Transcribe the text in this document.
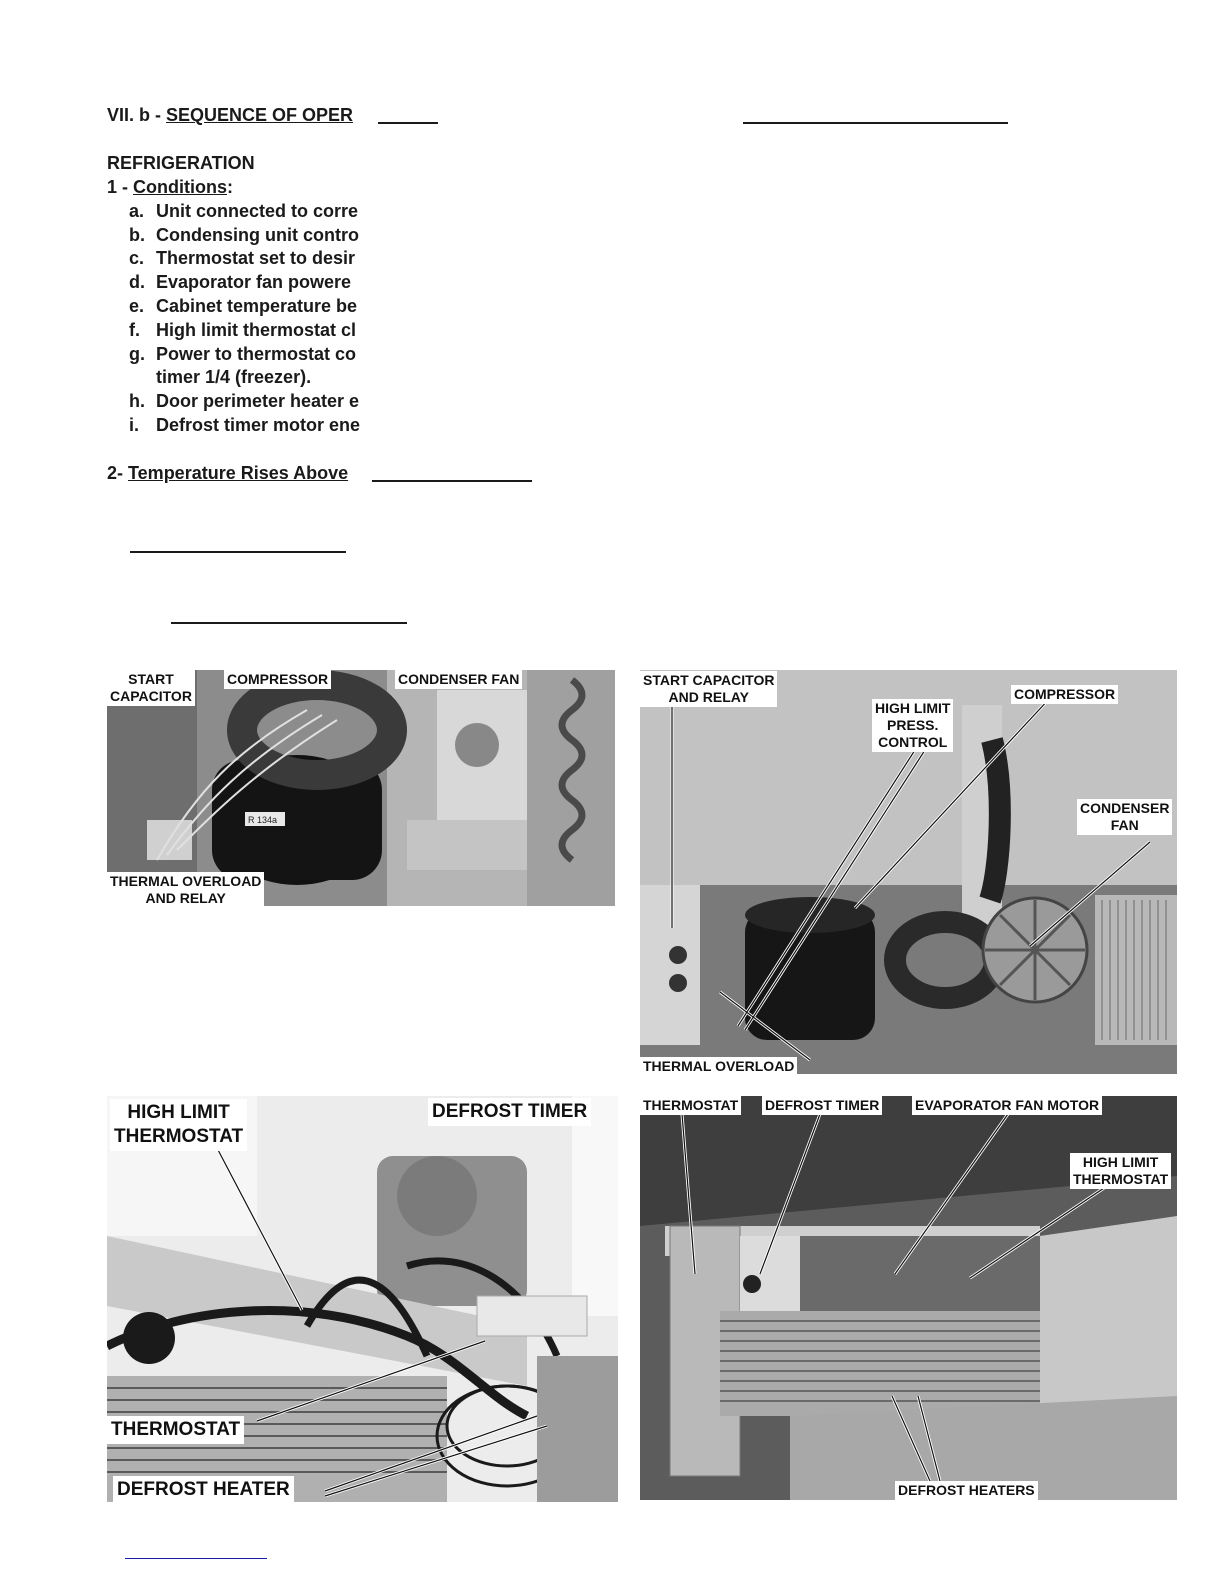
VII. b - SEQUENCE OF OPER
REFRIGERATION
1 - Conditions:
a. Unit connected to corre
b. Condensing unit contro
c. Thermostat set to desir
d. Evaporator fan powere
e. Cabinet temperature be
f. High limit thermostat cl
g. Power to thermostat co
timer 1/4 (freezer).
h. Door perimeter heater e
i. Defrost timer motor ene
2- Temperature Rises Above
R 134a
START
CAPACITOR
COMPRESSOR	CONDENSER FAN
THERMAL OVERLOAD
AND RELAY
START CAPACITOR
AND RELAY
HIGH LIMIT
PRESS.
CONTROL
COMPRESSOR
CONDENSER
FAN
THERMAL OVERLOAD
HIGH LIMIT
THERMOSTAT
DEFROST TIMER
THERMOSTAT
DEFROST HEATER
THERMOSTAT DEFROST TIMER	EVAPORATOR FAN MOTOR
HIGH LIMIT
THERMOSTAT
DEFROST HEATERS
